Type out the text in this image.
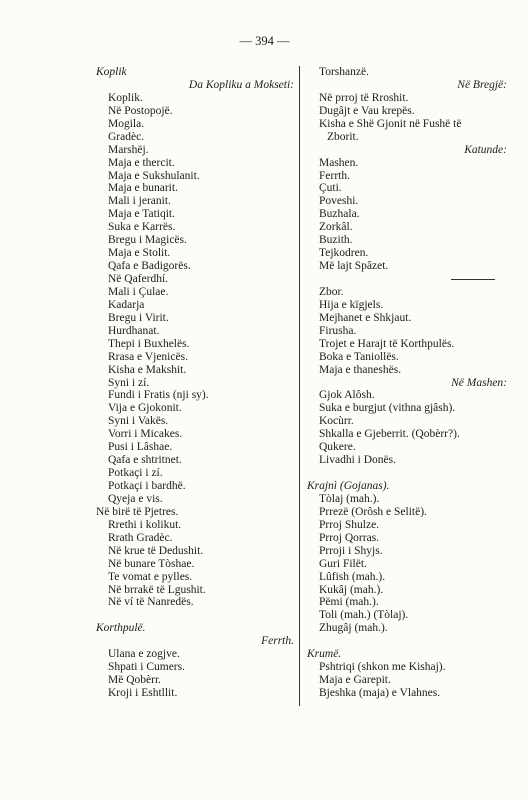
— 394 —
Koplik
Da Kopliku a Mokseti:
Koplik.
Në Postopojë.
Mogila.
Gradèc.
Marshëj.
Maja e thercit.
Maja e Sukshulanit.
Maja e bunarit.
Mali i jeranit.
Maja e Tatiqit.
Suka e Karrës.
Bregu i Magicës.
Maja e Stolit.
Qafa e Badigorës.
Në Qaferdhí.
Mali i Çulae.
Kadarja
Bregu i Virit.
Hurdhanat.
Thepi i Buxhelës.
Rrasa e Vjenicës.
Kisha e Makshit.
Syni i zí.
Fundi i Fratis (nji sy).
Vija e Gjokonit.
Syni i Vakës.
Vorri i Micakes.
Pusi i Lâshae.
Qafa e shtritnet.
Potkaçi i zí.
Potkaçi i bardhë.
Qyeja e vis.
Në birë të Pjetres.
Rrethi i kolikut.
Rrath Gradèc.
Në krue të Dedushit.
Në bunare Tòshae.
Te vomat e pylles.
Në brrakë të Lgushit.
Në ví të Nanredës.
Korthpulë.
Ferrth.
Ulana e zogjve.
Shpati i Cumers.
Më Qobèrr.
Kroji i Eshtllit.
Torshanzë.
Në Bregjë:
Në prroj të Rroshit.
Dugâjt e Vau krepës.
Kisha e Shë Gjonit në Fushë të
Zborit.
Katunde:
Mashen.
Ferrth.
Çuti.
Poveshi.
Buzhala.
Zorkâl.
Buzith.
Tejkodren.
Më lajt Spâzet.
Zbor.
Hija e kïgjels.
Mejhanet e Shkjaut.
Firusha.
Trojet e Harajt të Korthpulës.
Boka e Taniollës.
Maja e thaneshës.
Në Mashen:
Gjok Alôsh.
Suka e burgjut (vithna gjâsh).
Kocùrr.
Shkalla e Gjeberrit. (Qobèrr?).
Qukere.
Livadhi i Donës.
Krajnì (Gojanas).
Tòlaj (mah.).
Prrezë (Orôsh e Selitë).
Prroj Shulze.
Prroj Qorras.
Prroji i Shyjs.
Guri Filët.
Lûfish (mah.).
Kukâj (mah.).
Pëmi (mah.).
Toli (mah.) (Tòlaj).
Zhugâj (mah.).
Krumë.
Pshtriqi (shkon me Kishaj).
Maja e Garepit.
Bjeshka (maja) e Vlahnes.
